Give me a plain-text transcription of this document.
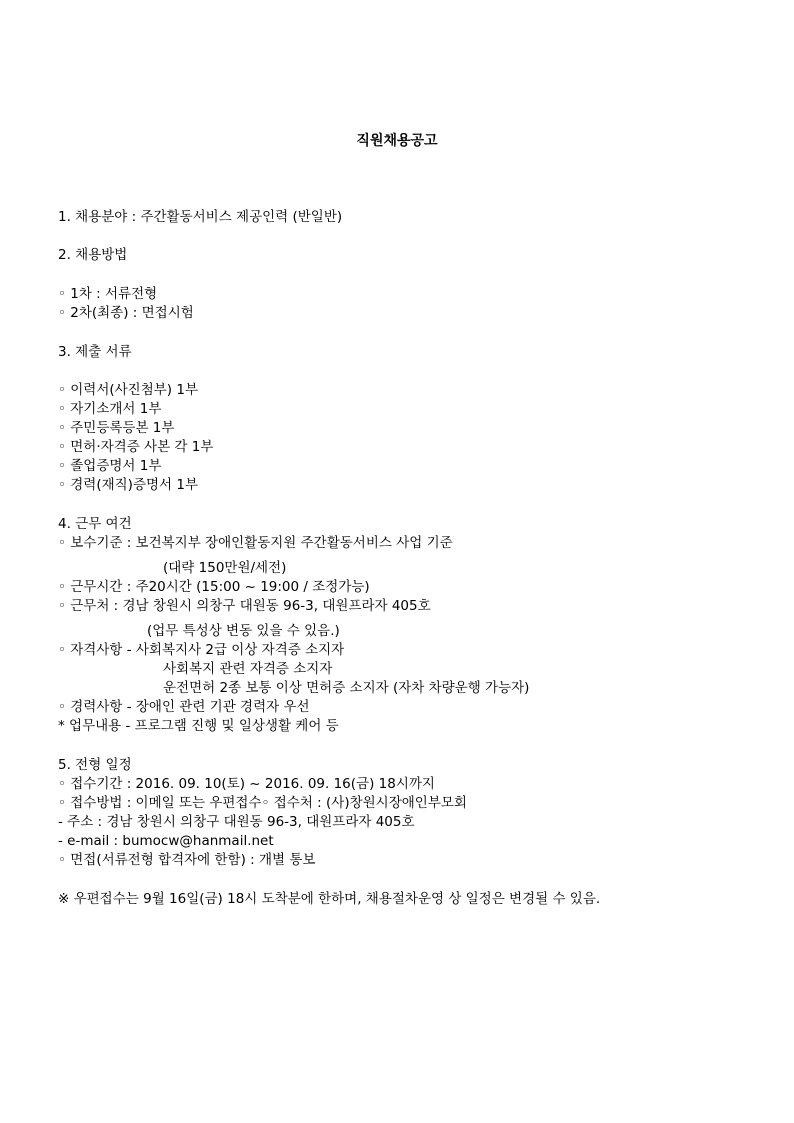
직원채용공고
1. 채용분야 : 주간활동서비스 제공인력 (반일반)
2. 채용방법
◦ 1차 : 서류전형
◦ 2차(최종) : 면접시험
3. 제출 서류
◦ 이력서(사진첨부) 1부
◦ 자기소개서 1부
◦ 주민등록등본 1부
◦ 면허·자격증 사본 각 1부
◦ 졸업증명서 1부
◦ 경력(재직)증명서 1부
4. 근무 여건
◦ 보수기준 : 보건복지부 장애인활동지원 주간활동서비스 사업 기준
(대략 150만원/세전)
◦ 근무시간 : 주20시간 (15:00 ~ 19:00 / 조정가능)
◦ 근무처 : 경남 창원시 의창구 대원동 96-3, 대원프라자 405호
(업무 특성상 변동 있을 수 있음.)
◦ 자격사항 - 사회복지사 2급 이상 자격증 소지자
사회복지 관련 자격증 소지자
운전면허 2종 보통 이상 면허증 소지자 (자차 차량운행 가능자)
◦ 경력사항 - 장애인 관련 기관 경력자 우선
* 업무내용 - 프로그램 진행 및 일상생활 케어 등
5. 전형 일정
◦ 접수기간 : 2016. 09. 10(토) ~ 2016. 09. 16(금) 18시까지
◦ 접수방법 : 이메일 또는 우편접수◦ 접수처 : (사)창원시장애인부모회
- 주소 : 경남 창원시 의창구 대원동 96-3, 대원프라자 405호
- e-mail : bumocw@hanmail.net
◦ 면접(서류전형 합격자에 한함) : 개별 통보
※ 우편접수는 9월 16일(금) 18시 도착분에 한하며, 채용절차운영 상 일정은 변경될 수 있음.
